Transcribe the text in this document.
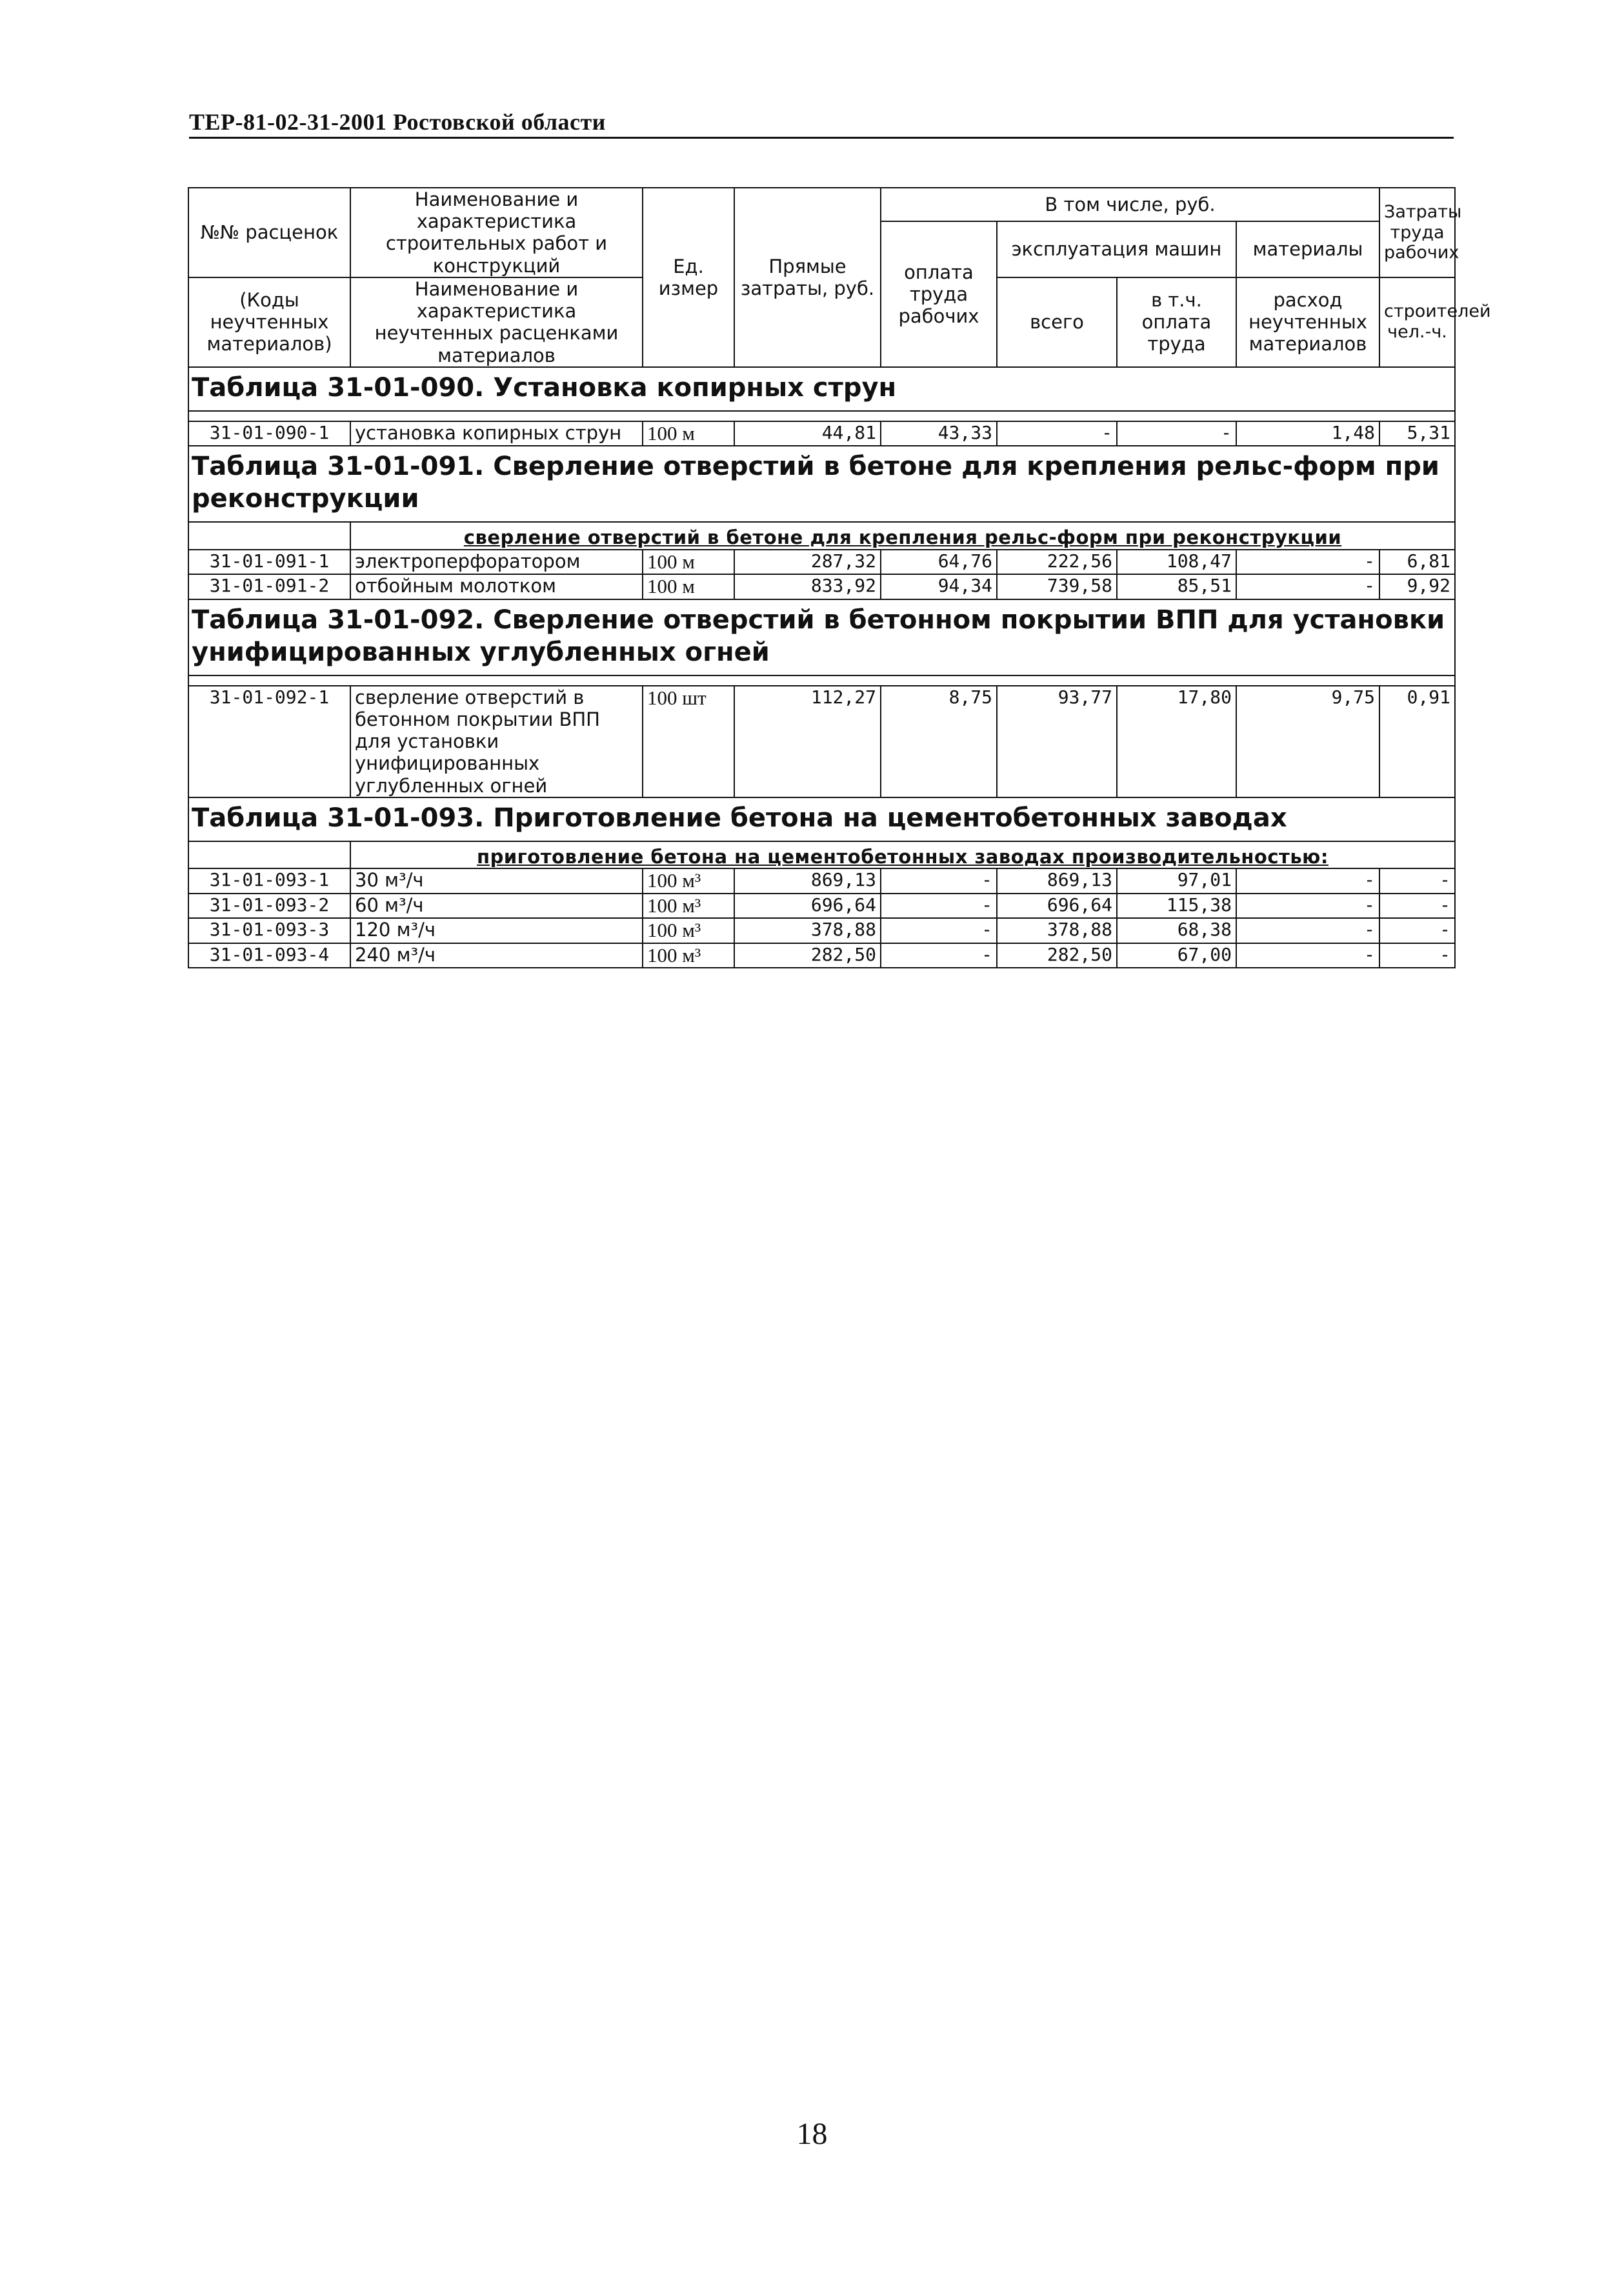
ТЕР-81-02-31-2001 Ростовской области
№№ расценок	Наименование и характеристика строительных работ и конструкций	Ед. измер	Прямые затраты, руб.	В том числе, руб.				Затраты труда рабочих
				оплата труда рабочих	эксплуатация машин		материалы	
(Коды неучтенных материалов)	Наименование и характеристика неучтенных расценками материалов				всего	в т.ч. оплата труда	расход неучтенных материалов	строителей чел.-ч.

Таблица 31-01-090. Установка копирных струн								

31-01-090-1	установка копирных струн	100 м	44,81	43,33	-	-	1,48	5,31
Таблица 31-01-091. Сверление отверстий в бетоне для крепления рельс-форм при реконструкции								
	сверление отверстий в бетоне для крепления рельс-форм при реконструкции							
31-01-091-1	электроперфоратором	100 м	287,32	64,76	222,56	108,47	-	6,81
31-01-091-2	отбойным молотком	100 м	833,92	94,34	739,58	85,51	-	9,92
Таблица 31-01-092. Сверление отверстий в бетонном покрытии ВПП для установки унифицированных углубленных огней								

31-01-092-1	сверление отверстий в бетонном покрытии ВПП для установки унифицированных углубленных огней	100 шт	112,27	8,75	93,77	17,80	9,75	0,91
Таблица 31-01-093. Приготовление бетона на цементобетонных заводах								
	приготовление бетона на цементобетонных заводах производительностью:							
31-01-093-1	30 м³/ч	100 м³	869,13	-	869,13	97,01	-	-
31-01-093-2	60 м³/ч	100 м³	696,64	-	696,64	115,38	-	-
31-01-093-3	120 м³/ч	100 м³	378,88	-	378,88	68,38	-	-
31-01-093-4	240 м³/ч	100 м³	282,50	-	282,50	67,00	-	-
18
